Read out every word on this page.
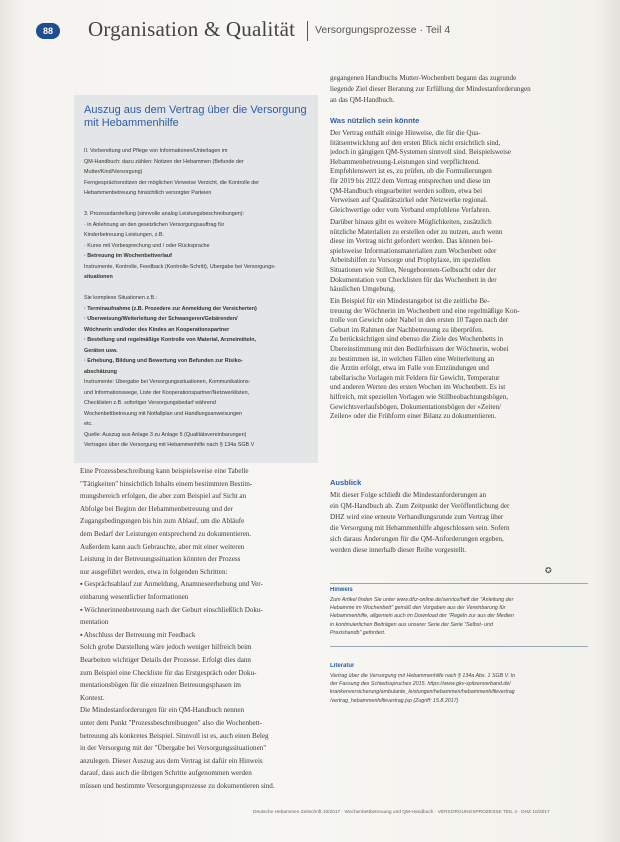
88	Organisation & Qualität Versorgungsprozesse · Teil 4
Auszug aus dem Vertrag über die Versorgung
mit Hebammenhilfe
II. Vorbereitung und Pflege von Informationen/Unterlagen im
QM-Handbuch: dazu zählen: Notizen der Hebammen (Befunde der
Mutter/Kind/Versorgung)
Ferngesprächsnotizen der möglichen Verweise Verzicht, die Kontrolle der
Hebammenbetreuung hinsichtlich versorgter Parteien
3. Prozessdarstellung (sinnvolle analog Leistungsbeschreibungen):
· in Anlehnung an den gesetzlichen Versorgungsauftrag für
Kinderbetreuung Leistungen, z.B.
· Kurse mit Vorbesprechung und / oder Rücksprache
· Betreuung im Wochenbettverlauf
Instrumente, Kontrolle, Feedback (Kontrolle-Schritt), Übergabe bei Versorgungs-
situationen
Sie komplexe Situationen z.B.:
· Terminaufnahme (z.B. Prozedere zur Anmeldung der Versicherten)
· Überweisung/Weiterleitung der Schwangeren/Gebärenden/
Wöchnerin und/oder des Kindes an Kooperationspartner
· Bestellung und regelmäßige Kontrolle von Material, Arzneimitteln,
Geräten usw.
· Erhebung, Bildung und Bewertung von Befunden zur Risiko-
abschätzung
Instrumente: Übergabe bei Versorgungssituationen, Kommunikations-
und Informationswege, Liste der Kooperationspartner/Netzwerklisten,
Checklisten z.B. sofortiger Versorgungsbedarf während
Wochenbettbetreuung mit Notfallplan und Handlungsanweisungen
etc.
Quelle: Auszug aus Anlage 3 zu Anlage 5 (Qualitätsvereinbarungen)
Vertrages über die Versorgung mit Hebammenhilfe nach § 134a SGB V
Eine Prozessbeschreibung kann beispielsweise eine Tabelle
"Tätigkeiten" hinsichtlich Inhalts einem bestimmten Bestim-
mungsbereich erfolgen, die aber zum Beispiel auf Sicht an
Abfolge bei Beginn der Hebammenbetreuung und der
Zugangsbedingungen bis hin zum Ablauf, um die Abläufe
dem Bedarf der Leistungen entsprechend zu dokumentieren.
Außerdem kann auch Gebrauchte, aber mit einer weiteren
Leistung in der Betreuungssituation könnten der Prozess
nur ausgeführt werden, etwa in folgenden Schritten:
▪ Gesprächsablauf zur Anmeldung, Anamneseerhebung und Ver-
einbarung wesentlicher Informationen
▪ Wöchnerinnenbetreuung nach der Geburt einschließlich Doku-
mentation
▪ Abschluss der Betreuung mit Feedback
Solch grobe Darstellung wäre jedoch weniger hilfreich beim
Bearbeiten wichtiger Details der Prozesse. Erfolgt dies dann
zum Beispiel eine Checkliste für das Erstgespräch oder Doku-
mentationsbögen für die einzelnen Betreuungsphasen im
Kontext.
Die Mindestanforderungen für ein QM-Handbuch nennen
unter dem Punkt "Prozessbeschreibungen" also die Wochenbett-
betreuung als konkretes Beispiel. Sinnvoll ist es, auch einen Beleg
in der Versorgung mit der "Übergabe bei Versorgungssituationen"
anzulegen. Dieser Auszug aus dem Vertrag ist dafür ein Hinweis
darauf, dass auch die übrigen Schritte aufgenommen werden
müssen und bestimmte Versorgungsprozesse zu dokumentieren sind.
gegangenen Handbuchs Mutter-Wochenbett begann das zugrunde
liegende Ziel dieser Beratung zur Erfüllung der Mindestanforderungen
an das QM-Handbuch.
Was nützlich sein könnte
Der Vertrag enthält einige Hinweise, die für die Qua-
litätsentwicklung auf den ersten Blick nicht ersichtlich sind,
jedoch in gängigen QM-Systemen sinnvoll sind. Beispielsweise
Hebammenbetreuung-Leistungen sind verpflichtend.
Empfehlenswert ist es, zu prüfen, ob die Formulierungen
für 2019 bis 2022 dem Vertrag entsprechen und diese im
QM-Handbuch eingearbeitet werden sollten, etwa bei
Verweisen auf Qualitätszirkel oder Netzwerke regional.
Gleichwertige oder vom Verband empfohlene Verfahren.
Darüber hinaus gibt es weitere Möglichkeiten, zusätzlich
nützliche Materialien zu erstellen oder zu nutzen, auch wenn
diese im Vertrag nicht gefordert werden. Das können bei-
spielsweise Informationsmaterialien zum Wochenbett oder
Arbeitshilfen zu Vorsorge und Prophylaxe, im speziellen
Situationen wie Stillen, Neugeborenen-Gelbsucht oder der
Dokumentation von Checklisten für das Wochenbett in der
häuslichen Umgebung.
Ein Beispiel für ein Mindestangebot ist die zeitliche Be-
treuung der Wöchnerin im Wochenbett und eine regelmäßige Kon-
trolle von Gewicht oder Nabel in den ersten 10 Tagen nach der
Geburt im Rahmen der Nachbetreuung zu überprüfen.
Zu berücksichtigen sind ebenso die Ziele des Wochenbetts in
Übereinstimmung mit den Bedürfnissen der Wöchnerin, wobei
zu bestimmen ist, in welchen Fällen eine Weiterleitung an
die Ärztin erfolgt, etwa im Falle von Entzündungen und
tabellarische Vorlagen mit Feldern für Gewicht, Temperatur
und anderen Werten des ersten Wochen im Wochenbett. Es ist
hilfreich, mit speziellen Vorlagen wie Stillbeobachtungsbögen,
Gewichtsverlaufsbögen, Dokumentationsbögen der »Zeiten/
Zeilen« oder die Frühform einer Bilanz zu dokumentieren.
Ausblick
Mit dieser Folge schließt die Mindestanforderungen an
ein QM-Handbuch ab. Zum Zeitpunkt der Veröffentlichung der
DHZ wird eine erneute Verhandlungsrunde zum Vertrag über
die Versorgung mit Hebammenhilfe abgeschlossen sein. Sofern
sich daraus Änderungen für die QM-Anforderungen ergeben,
werden diese innerhalb dieser Reihe vorgestellt.
✪
Hinweis
Zum Artikel finden Sie unter www.dhz-online.de/service/heft der "Anleitung der
Hebamme im Wochenbett" gemäß den Vorgaben aus der Vereinbarung für
Hebammenhilfe, allgemein auch im Download der "Regeln zur aus der Medien
in kontinuierlichen Beiträgen aus unserer Serie der Serie "Selbst- und
Praxishandb" gefordert.
Literatur
Vertrag über die Versorgung mit Hebammenhilfe nach § 134a Abs. 1 SGB V. In
der Fassung des Schiedsspruches 2015. https://www.gkv-spitzenverband.de/
krankenversicherung/ambulante_leistungen/hebammen/hebammenhilfevertrag
/vertrag_hebammenhilfevertrag.jsp (Zugriff: 15.8.2017)
Deutsche Hebammen Zeitschrift 10/2017 · Wochenbettbetreuung und QM-Handbuch · VERSORGUNGSPROZESSE TEIL 4 · DHZ 10/2017
